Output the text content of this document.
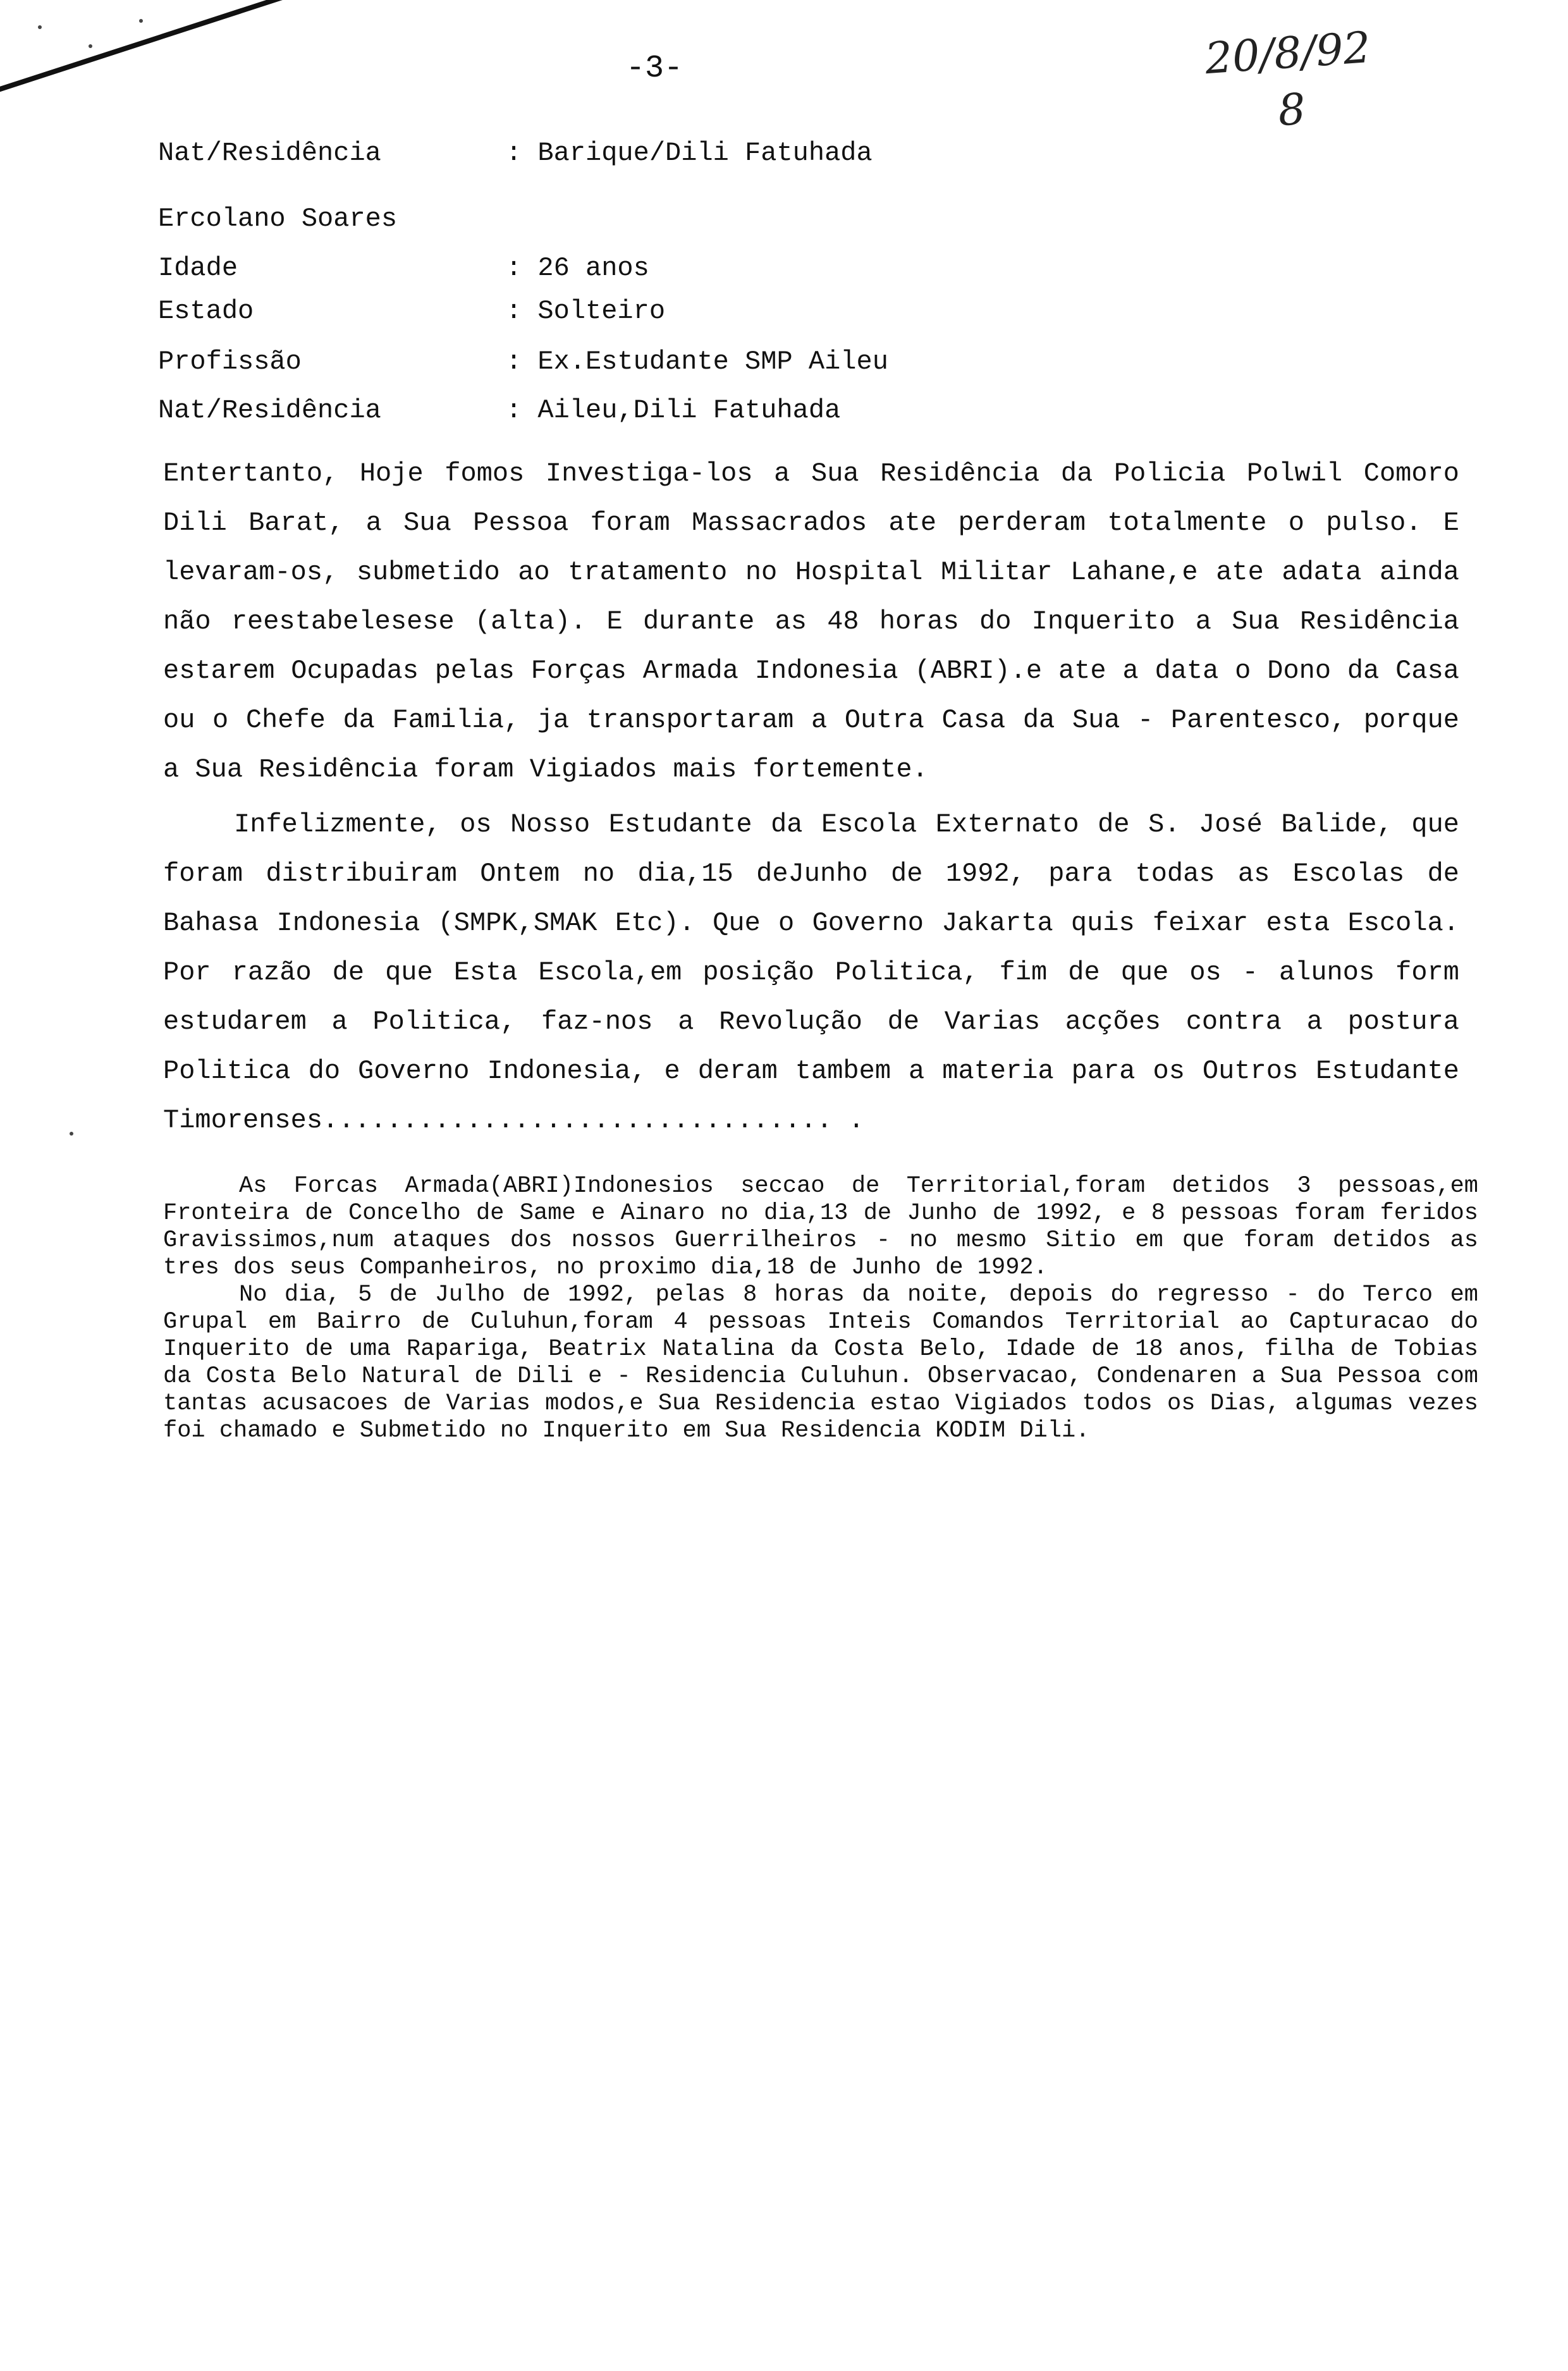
-3-	20/8/92
8
Nat/Residência	: Barique/Dili Fatuhada
Ercolano Soares
Idade	: 26 anos
Estado	: Solteiro
Profissão	: Ex.Estudante SMP Aileu
Nat/Residência	: Aileu,Dili Fatuhada

Entertanto, Hoje fomos Investiga-los a Sua Residência da Policia Polwil Comoro Dili Barat, a Sua Pessoa foram Massacrados ate perderam totalmente o pulso. E levaram-os, submetido ao tratamento no Hospital Militar Lahane,e ate adata ainda não reestabelesese (alta). E durante as 48 horas do Inquerito a Sua Residência estarem Ocupadas pelas Forças Armada Indonesia (ABRI).e ate a data o Dono da Casa ou o Chefe da Familia, ja transportaram a Outra Casa da Sua - Parentesco, porque a Sua Residência foram Vigiados mais fortemente.

Infelizmente, os Nosso Estudante da Escola Externato de S. José Balide, que foram distribuiram Ontem no dia,15 deJunho de 1992, para todas as Escolas de Bahasa Indonesia (SMPK,SMAK Etc). Que o Governo Jakarta quis feixar esta Escola. Por razão de que Esta Escola,em posição Politica, fim de que os - alunos form estudarem a Politica, faz-nos a Revolução de Varias acções contra a postura Politica do Governo Indonesia, e deram tambem a materia para os Outros Estudante Timorenses................................ .

As Forcas Armada(ABRI)Indonesios seccao de Territorial,foram detidos 3 pessoas,em Fronteira de Concelho de Same e Ainaro no dia,13 de Junho de 1992, e 8 pessoas foram feridos Gravissimos,num ataques dos nossos Guerrilheiros - no mesmo Sitio em que foram detidos as tres dos seus Companheiros, no proximo dia,18 de Junho de 1992.

No dia, 5 de Julho de 1992, pelas 8 horas da noite, depois do regresso - do Terco em Grupal em Bairro de Culuhun,foram 4 pessoas Inteis Comandos Territorial ao Capturacao do Inquerito de uma Rapariga, Beatrix Natalina da Costa Belo, Idade de 18 anos, filha de Tobias da Costa Belo Natural de Dili e - Residencia Culuhun. Observacao, Condenaren a Sua Pessoa com tantas acusacoes de Varias modos,e Sua Residencia estao Vigiados todos os Dias, algumas vezes foi chamado e Submetido no Inquerito em Sua Residencia KODIM Dili.
